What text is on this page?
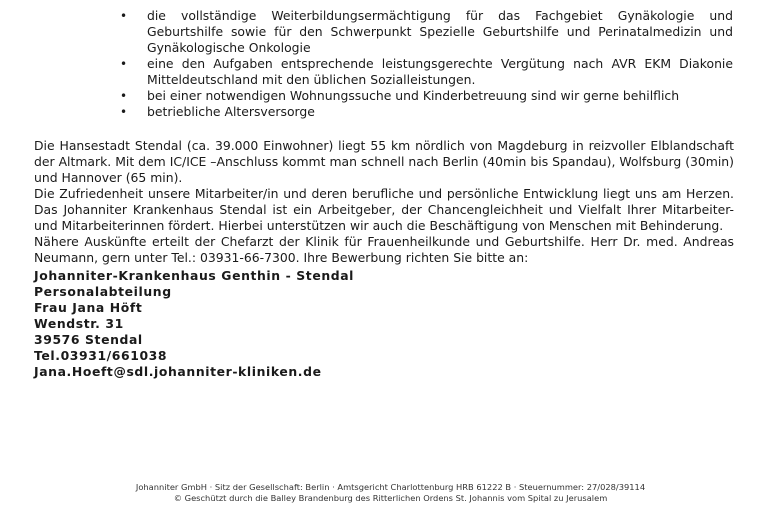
• die vollständige Weiterbildungsermächtigung für das Fachgebiet Gynäkologie und Geburtshilfe sowie für den Schwerpunkt Spezielle Geburtshilfe und Perinatalmedizin und Gynäkologische Onkologie
• eine den Aufgaben entsprechende leistungsgerechte Vergütung nach AVR EKM Diakonie Mitteldeutschland mit den üblichen Sozialleistungen.
• bei einer notwendigen Wohnungssuche und Kinderbetreuung sind wir gerne behilflich
• betriebliche Altersversorge

Die Hansestadt Stendal (ca. 39.000 Einwohner) liegt 55 km nördlich von Magdeburg in reizvoller Elblandschaft der Altmark. Mit dem IC/ICE –Anschluss kommt man schnell nach Berlin (40min bis Spandau), Wolfsburg (30min) und Hannover (65 min).

Die Zufriedenheit unsere Mitarbeiter/in und deren berufliche und persönliche Entwicklung liegt uns am Herzen. Das Johanniter Krankenhaus Stendal ist ein Arbeitgeber, der Chancengleichheit und Vielfalt Ihrer Mitarbeiter- und Mitarbeiterinnen fördert. Hierbei unterstützen wir auch die Beschäftigung von Menschen mit Behinderung.

Nähere Auskünfte erteilt der Chefarzt der Klinik für Frauenheilkunde und Geburtshilfe. Herr Dr. med. Andreas Neumann, gern unter Tel.: 03931-66-7300. Ihre Bewerbung richten Sie bitte an:

Johanniter-Krankenhaus Genthin - Stendal
Personalabteilung
Frau Jana Höft
Wendstr. 31
39576 Stendal
Tel.03931/661038
Jana.Hoeft@sdl.johanniter-kliniken.de
Johanniter GmbH · Sitz der Gesellschaft: Berlin · Amtsgericht Charlottenburg HRB 61222 B · Steuernummer: 27/028/39114
© Geschützt durch die Balley Brandenburg des Ritterlichen Ordens St. Johannis vom Spital zu Jerusalem
